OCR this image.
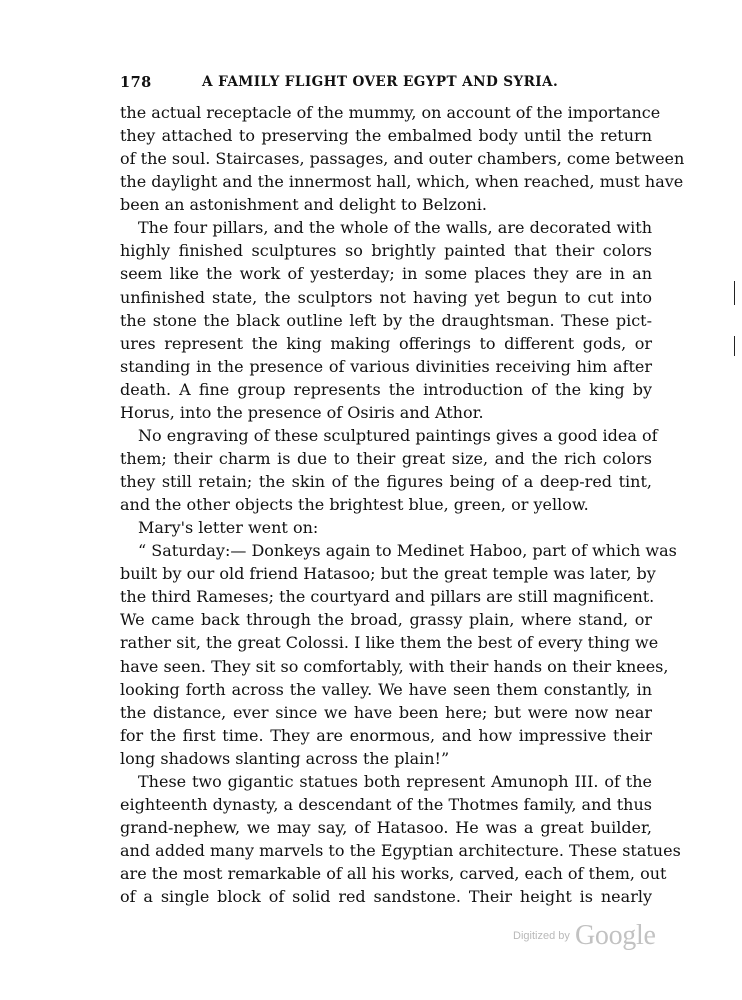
178	A FAMILY FLIGHT OVER EGYPT AND SYRIA.
the actual receptacle of the mummy, on account of the importance
they attached to preserving the embalmed body until the return
of the soul. Staircases, passages, and outer chambers, come between
the daylight and the innermost hall, which, when reached, must have
been an astonishment and delight to Belzoni.
The four pillars, and the whole of the walls, are decorated with
highly finished sculptures so brightly painted that their colors
seem like the work of yesterday; in some places they are in an
unfinished state, the sculptors not having yet begun to cut into
the stone the black outline left by the draughtsman. These pict-
ures represent the king making offerings to different gods, or
standing in the presence of various divinities receiving him after
death. A fine group represents the introduction of the king by
Horus, into the presence of Osiris and Athor.
No engraving of these sculptured paintings gives a good idea of
them; their charm is due to their great size, and the rich colors
they still retain; the skin of the figures being of a deep-red tint,
and the other objects the brightest blue, green, or yellow.
Mary's letter went on:
“ Saturday:— Donkeys again to Medinet Haboo, part of which was
built by our old friend Hatasoo; but the great temple was later, by
the third Rameses; the courtyard and pillars are still magnificent.
We came back through the broad, grassy plain, where stand, or
rather sit, the great Colossi. I like them the best of every thing we
have seen. They sit so comfortably, with their hands on their knees,
looking forth across the valley. We have seen them constantly, in
the distance, ever since we have been here; but were now near
for the first time. They are enormous, and how impressive their
long shadows slanting across the plain!”
These two gigantic statues both represent Amunoph III. of the
eighteenth dynasty, a descendant of the Thotmes family, and thus
grand-nephew, we may say, of Hatasoo. He was a great builder,
and added many marvels to the Egyptian architecture. These statues
are the most remarkable of all his works, carved, each of them, out
of a single block of solid red sandstone. Their height is nearly
Digitized by Google
